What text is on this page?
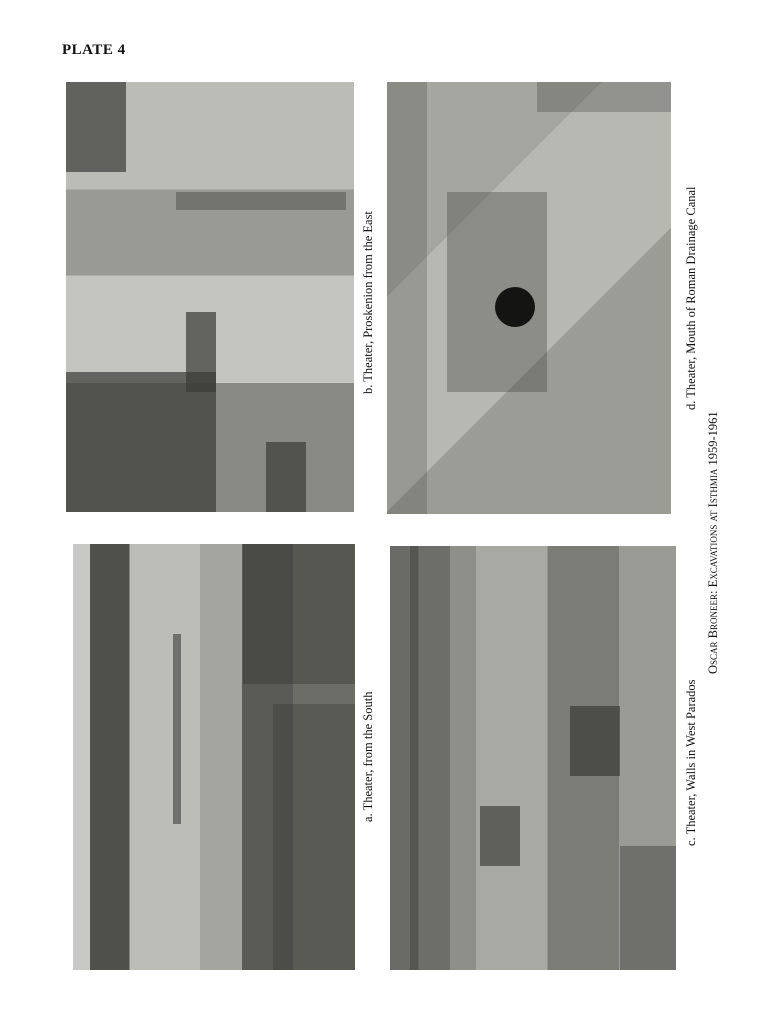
PLATE 4
b. Theater, Proskenion from the East
a. Theater, from the South
d. Theater, Mouth of Roman Drainage Canal
c. Theater, Walls in West Parados
Oscar Broneer: Excavations at Isthmia 1959-1961
